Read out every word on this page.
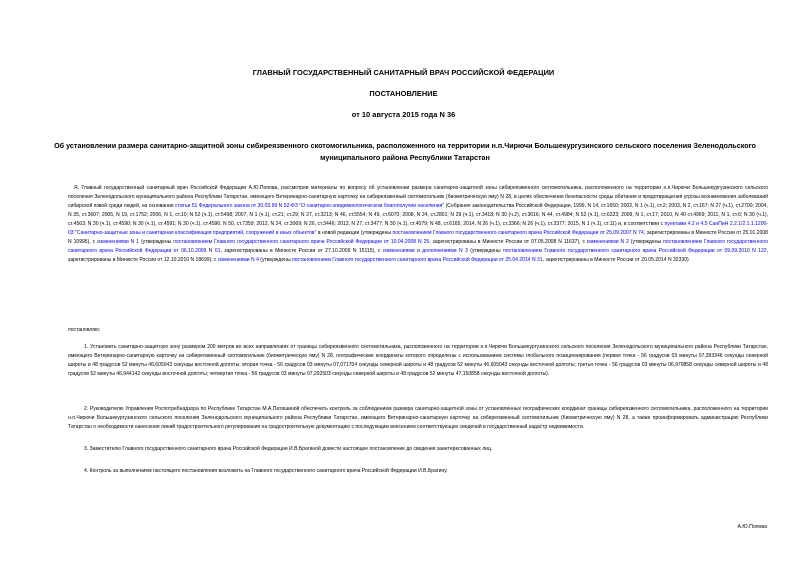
ГЛАВНЫЙ ГОСУДАРСТВЕННЫЙ САНИТАРНЫЙ ВРАЧ РОССИЙСКОЙ ФЕДЕРАЦИИ
ПОСТАНОВЛЕНИЕ
от 10 августа 2015 года N 36
Об установлении размера санитарно-защитной зоны сибиреязвенного скотомогильника, расположенного на территории н.п.Чирючи Большекургузинского сельского поселения Зеленодольского муниципального района Республики Татарстан
Я, Главный государственный санитарный врач Российской Федерации А.Ю.Попова, рассмотрев материалы по вопросу об установлении размера санитарно-защитной зоны сибиреязвенного скотомогильника, расположенного на территории н.п.Чирючи Большекургузинского сельского поселения Зеленодольского муниципального района Республики Татарстан, имеющего Ветеринарно-санитарную карточку на сибиреязвенный скотомогильник (биометрическую яму) N 28, в целях обеспечения безопасности среды обитания и предотвращения угрозы возникновения заболеваний сибирской язвой среди людей, на основании статьи 51 Федерального закона от 30.03.99 N 52-ФЗ "О санитарно-эпидемиологическом благополучии населения" (Собрание законодательства Российской Федерации, 1999, N 14, ст.1650; 2002, N 1 (ч.1), ст.2; 2003, N 2, ст.167; N 27 (ч.1), ст.2700; 2004, N 35, ст.3607; 2005, N 19, ст.1752; 2006, N 1, ст.10; N 52 (ч.1), ст.5498; 2007, N 1 (ч.1), ст.21; ст.29; N 27, ст.3213; N 46, ст.5554; N 49, ст.6070; 2008, N 24, ст.2801; N 29 (ч.1), ст.3418; N 30 (ч.2), ст.3616; N 44, ст.4984; N 52 (ч.1), ст.6223; 2009, N 1, ст.17; 2010, N 40 ст.4969; 2011, N 1, ст.6; N 30 (ч.1), ст.4563; N 30 (ч.1), ст.4590; N 30 (ч.1), ст.4591; N 30 (ч.1), ст.4596; N 50, ст.7359; 2012, N 24, ст.3069; N 26, ст.3446; 2013, N 27, ст.3477; N 30 (ч.1), ст.4079; N 48, ст.6165; 2014, N 26 (ч.1), ст.3366; N 26 (ч.1), ст.3377; 2015, N 1 (ч.1), ст.11) и, в соответствии с пунктами 4.2 и 4.5 СанПиН 2.2.1/2.1.1.1200-03 "Санитарно-защитные зоны и санитарная классификация предприятий, сооружений и иных объектов" в новой редакции (утверждены постановлением Главного государственного санитарного врача Российской Федерации от 25.09.2007 N 74, зарегистрированы в Минюсте России от 25.01.2008 N 10995), с изменениями N 1 (утверждены постановлением Главного государственного санитарного врача Российской Федерации от 10.04.2008 N 25, зарегистрированы в Минюсте России от 07.05.2008 N 11637), с изменениями N 2 (утверждены постановлением Главного государственного санитарного врача Российской Федерации от 06.10.2009 N 61, зарегистрированы в Минюсте России от 27.10.2009 N 15115), с изменениями и дополнениями N 3 (утверждены постановлением Главного государственного санитарного врача Российской Федерации от 09.09.2010 N 122, зарегистрированы в Минюсте России от 12.10.2010 N 18699); с изменениями N 4 (утверждены постановлением Главного государственного санитарного врача Российской Федерации от 25.04.2014 N 31, зарегистрированы в Минюсте России от 20.05.2014 N 32330)
постановляю:
1. Установить санитарно-защитную зону размером 200 метров во всех направлениях от границы сибиреязвенного скотомогильника, расположенного на территории н.п.Чирючи Большекургузинского сельского поселения Зеленодольского муниципального района Республики Татарстан, имеющего Ветеринарно-санитарную карточку на сибиреязвенный скотомогильник (биометрическую яму) N 28, географические координаты которого определены с использованием системы глобального позиционирования (первая точка - 56 градусов 03 минуты 07,393346 секунды северной широты и 48 градусов 52 минуты 46,605043 секунды восточной долготы; вторая точка - 56 градусов 03 минуты 07,071704 секунды северной широты и 48 градусов 52 минуты 46,605043 секунды восточной долготы; третья точка - 56 градусов 03 минуты 06,970858 секунды северной широты и 48 градусов 52 минуты 46,944142 секунды восточной долготы; четвертая точка - 56 градусов 03 минуты 07,292503 секунды северной широты и 48 градусов 52 минуты 47,150858 секунды восточной долготы).
2. Руководителю Управления Роспотребнадзора по Республике Татарстан М.А.Патяшиной обеспечить контроль за соблюдением размера санитарно-защитной зоны от установленных географических координат границы сибиреязвенного скотомогильника, расположенного на территории н.п.Чирючи Большекургузинского сельского поселения Зеленодольского муниципального района Республики Татарстан, имеющего Ветеринарно-санитарную карточку на сибиреязвенный скотомогильник (биометрическую яму) N 28, а также проинформировать администрацию Республики Татарстан о необходимости нанесения линий градостроительного регулирования на градостроительную документацию с последующим внесением соответствующих сведений в государственный кадастр недвижимости.
3. Заместителю Главного государственного санитарного врача Российской Федерации И.В.Брагиной довести настоящее постановление до сведения заинтересованных лиц.
4. Контроль за выполнением настоящего постановления возложить на Главного государственного санитарного врача Российской Федерации И.В.Брагину.
А.Ю.Попова
